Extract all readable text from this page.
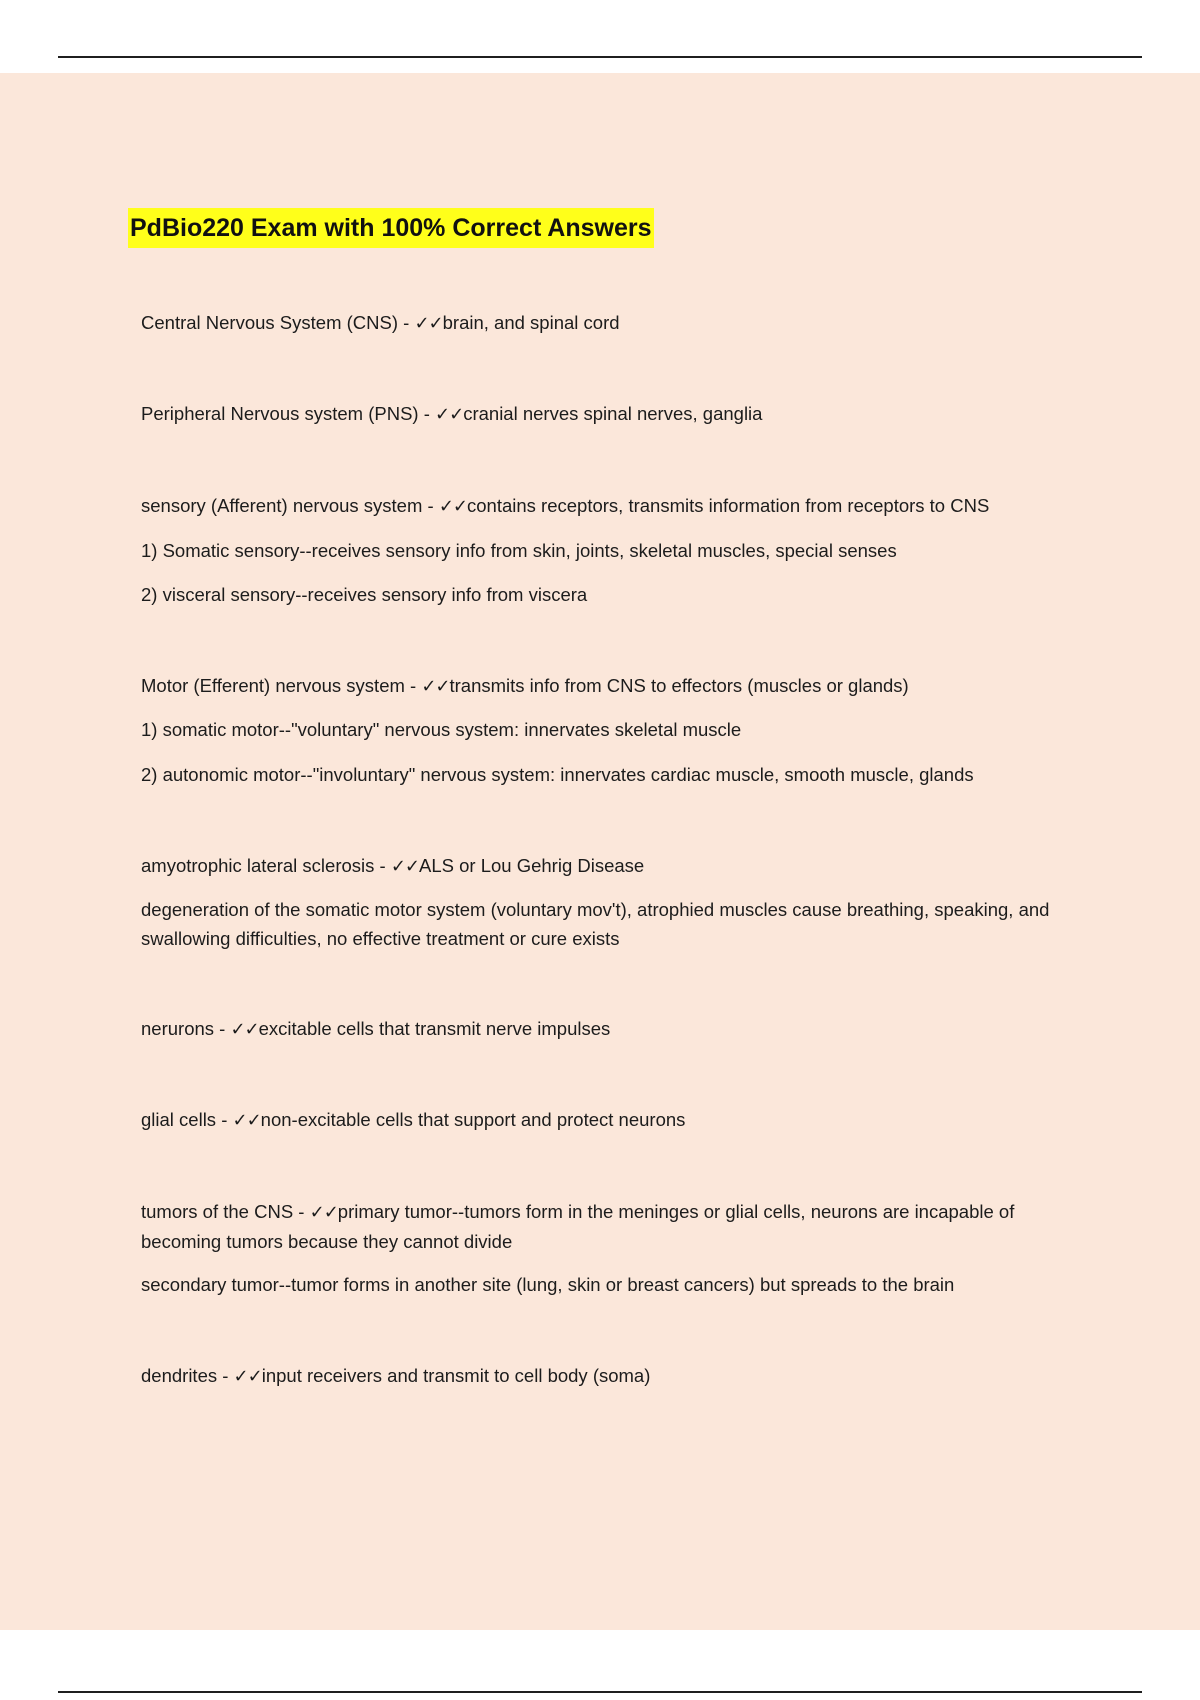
PdBio220 Exam with 100% Correct Answers
Central Nervous System (CNS) - ✓✓brain, and spinal cord
Peripheral Nervous system (PNS) - ✓✓cranial nerves spinal nerves, ganglia
sensory (Afferent) nervous system - ✓✓contains receptors, transmits information from receptors to CNS
1) Somatic sensory--receives sensory info from skin, joints, skeletal muscles, special senses
2) visceral sensory--receives sensory info from viscera
Motor (Efferent) nervous system - ✓✓transmits info from CNS to effectors (muscles or glands)
1) somatic motor--"voluntary" nervous system: innervates skeletal muscle
2) autonomic motor--"involuntary" nervous system: innervates cardiac muscle, smooth muscle, glands
amyotrophic lateral sclerosis - ✓✓ALS or Lou Gehrig Disease
degeneration of the somatic motor system (voluntary mov't), atrophied muscles cause breathing, speaking, and swallowing difficulties, no effective treatment or cure exists
nerurons - ✓✓excitable cells that transmit nerve impulses
glial cells - ✓✓non-excitable cells that support and protect neurons
tumors of the CNS - ✓✓primary tumor--tumors form in the meninges or glial cells, neurons are incapable of becoming tumors because they cannot divide
secondary tumor--tumor forms in another site (lung, skin or breast cancers) but spreads to the brain
dendrites - ✓✓input receivers and transmit to cell body (soma)
